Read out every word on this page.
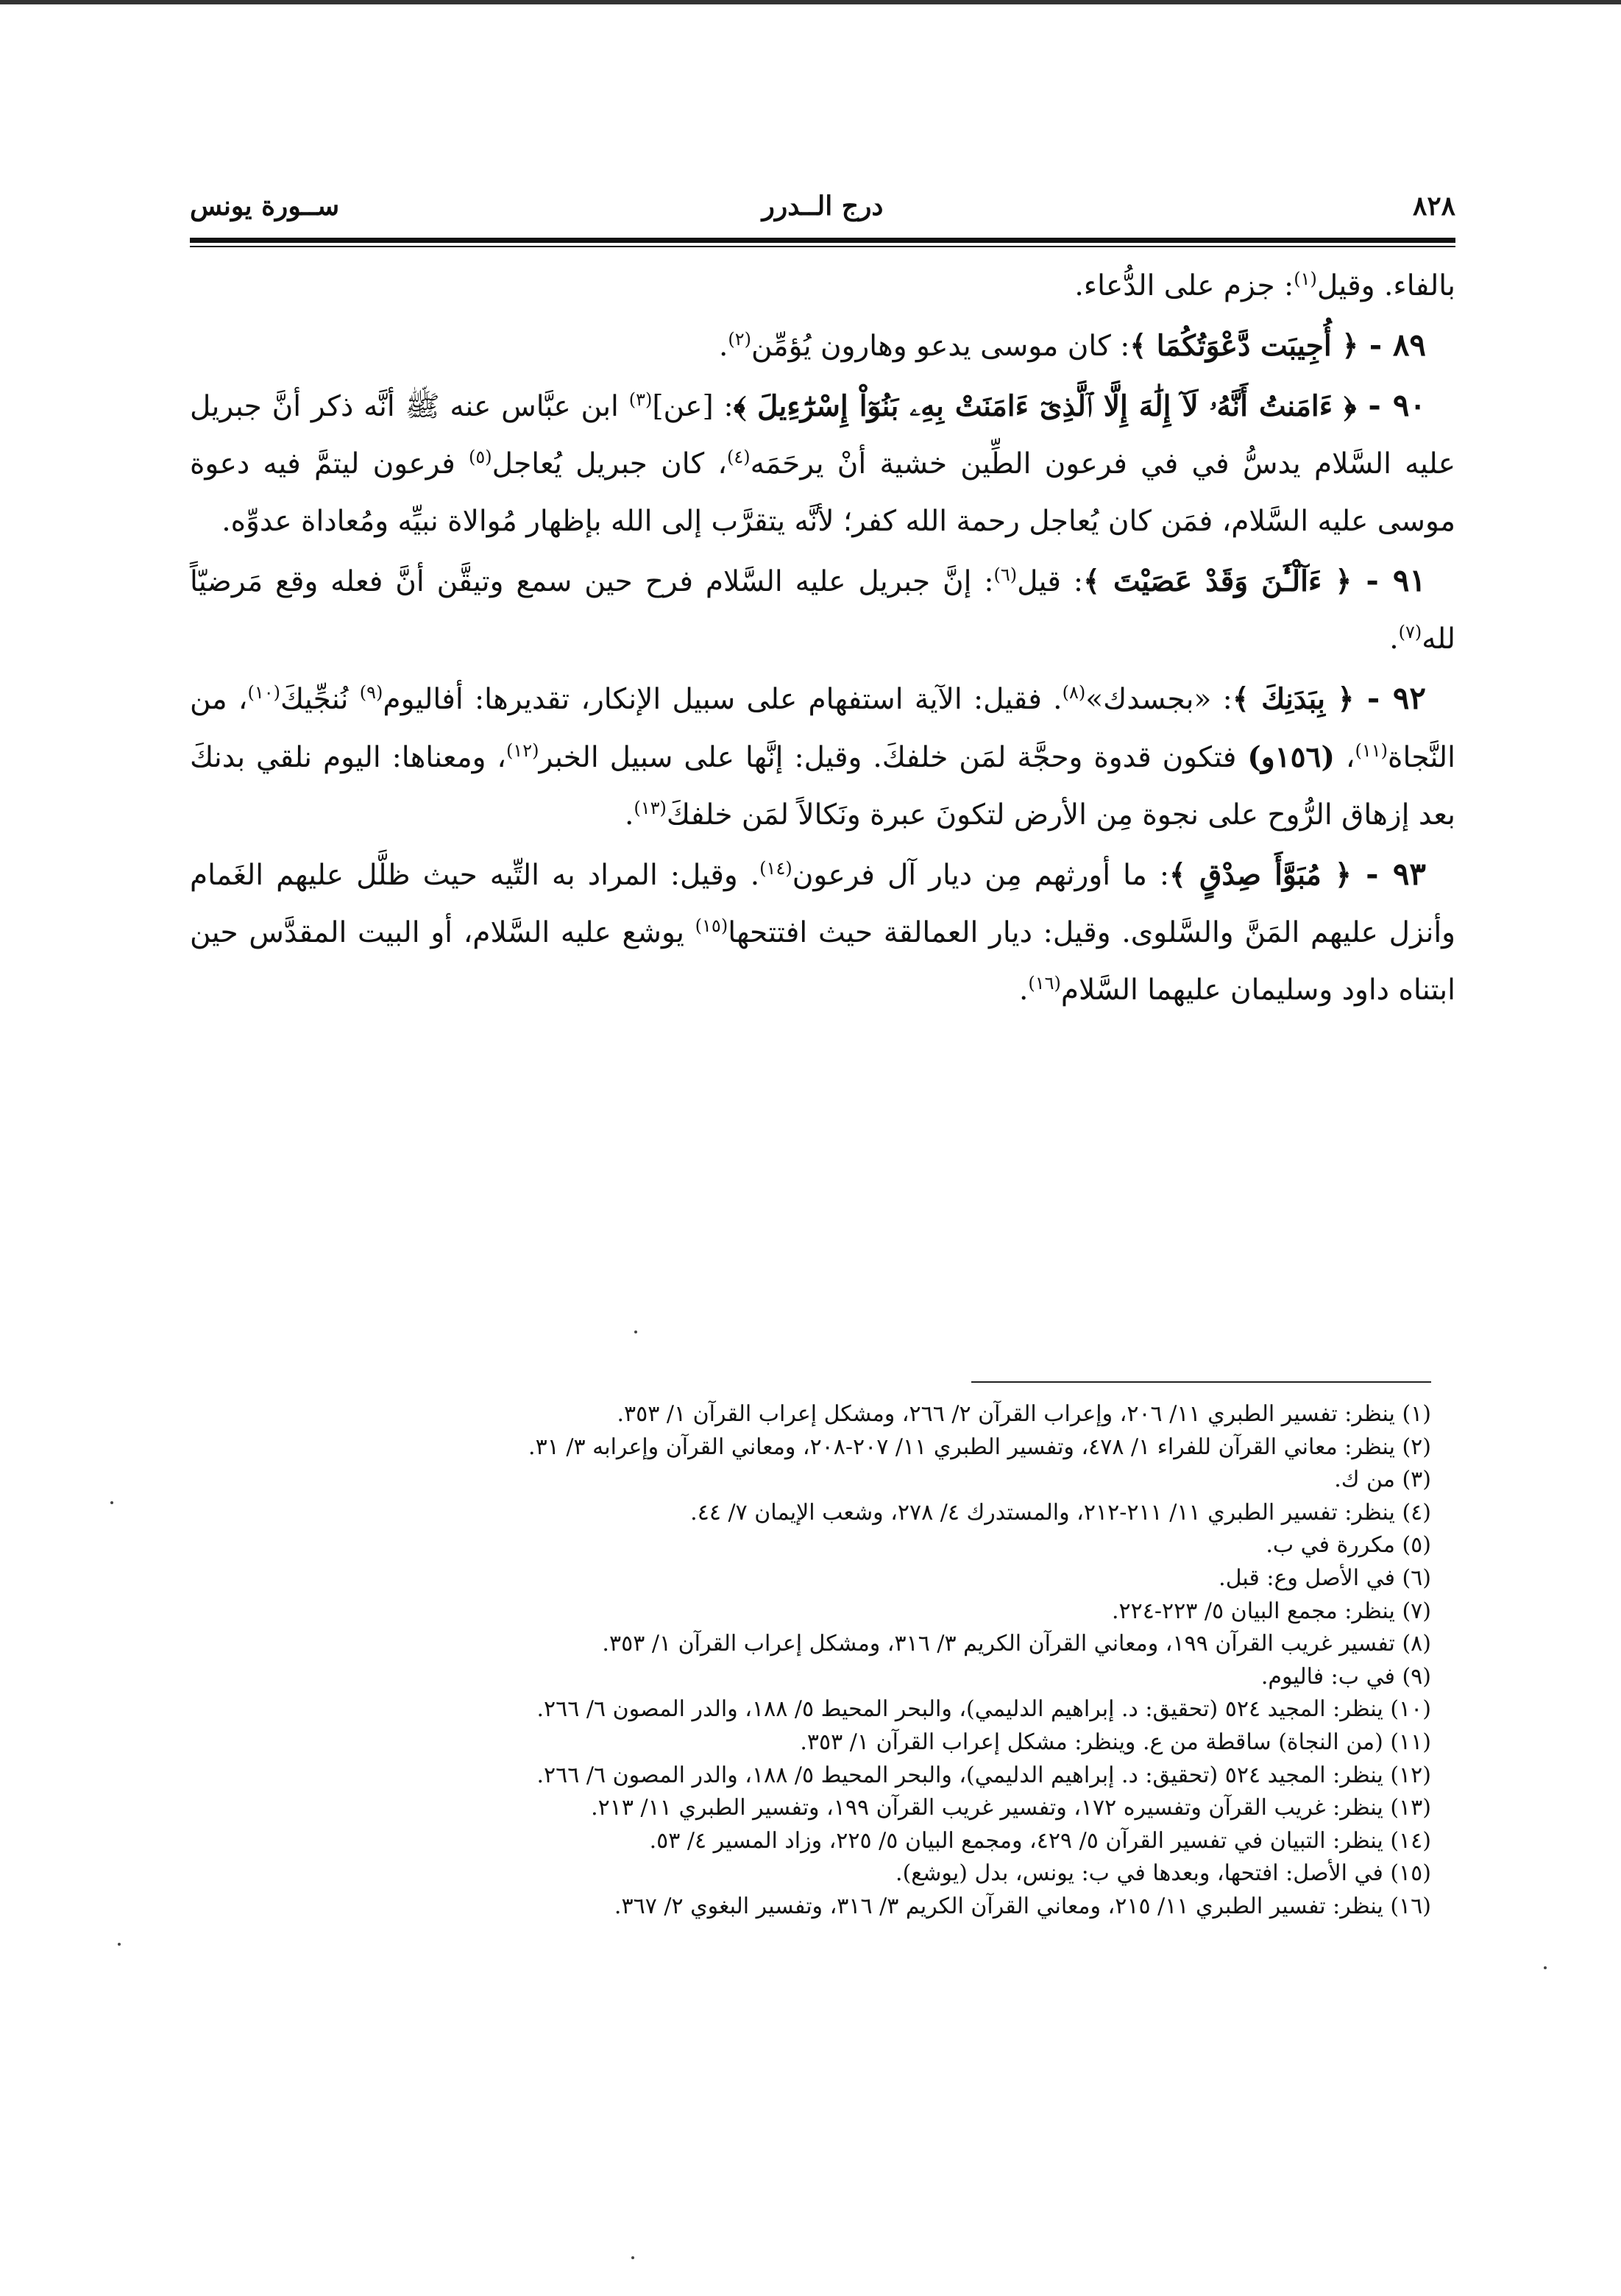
٨٢٨
درج الــدرر
ســورة يونس

بالفاء. وقيل$^{(١)}$: جزم على الدُّعاء.

٨٩ - ﴿ أُجِيبَت دَّعْوَتُكُمَا ﴾: كان موسى يدعو وهارون يُؤمِّن$^{(٢)}$.

٩٠ - ﴿ ءَامَنتُ أَنَّهُۥ لَآ إِلَٰهَ إِلَّا ٱلَّذِىٓ ءَامَنَتْ بِهِۦ بَنُوٓاْ إِسْرَٰٓءِيلَ ﴾: [عن]$^{(٣)}$ ابن عبَّاس عنه ﷺ أنَّه ذكر أنَّ جبريل عليه السَّلام يدسُّ في في فرعون الطِّين خشية أنْ يرحَمَه$^{(٤)}$، كان جبريل يُعاجل$^{(٥)}$ فرعون ليتمَّ فيه دعوة موسى عليه السَّلام، فمَن كان يُعاجل رحمة الله كفر؛ لأنَّه يتقرَّب إلى الله بإظهار مُوالاة نبيِّه ومُعاداة عدوِّه.

٩١ - ﴿ ءَآلْـَٰٔنَ وَقَدْ عَصَيْتَ ﴾: قيل$^{(٦)}$: إنَّ جبريل عليه السَّلام فرح حين سمع وتيقَّن أنَّ فعله وقع مَرضيّاً لله$^{(٧)}$.

٩٢ - ﴿ بِبَدَنِكَ ﴾: «بجسدك»$^{(٨)}$. فقيل: الآية استفهام على سبيل الإنكار، تقديرها: أفاليوم$^{(٩)}$ نُنجِّيكَ$^{(١٠)}$، من النَّجاة$^{(١١)}$، (١٥٦و) فتكون قدوة وحجَّة لمَن خلفكَ. وقيل: إنَّها على سبيل الخبر$^{(١٢)}$، ومعناها: اليوم نلقي بدنكَ بعد إزهاق الرُّوح على نجوة مِن الأرض لتكونَ عبرة ونَكالاً لمَن خلفكَ$^{(١٣)}$.

٩٣ - ﴿ مُبَوَّأَ صِدْقٍ ﴾: ما أورثهم مِن ديار آل فرعون$^{(١٤)}$. وقيل: المراد به التِّيه حيث ظلَّل عليهم الغَمام وأنزل عليهم المَنَّ والسَّلوى. وقيل: ديار العمالقة حيث افتتحها$^{(١٥)}$ يوشع عليه السَّلام، أو البيت المقدَّس حين ابتناه داود وسليمان عليهما السَّلام$^{(١٦)}$.

(١) ينظر: تفسير الطبري ١١/ ٢٠٦، وإعراب القرآن ٢/ ٢٦٦، ومشكل إعراب القرآن ١/ ٣٥٣.

(٢) ينظر: معاني القرآن للفراء ١/ ٤٧٨، وتفسير الطبري ١١/ ٢٠٧-٢٠٨، ومعاني القرآن وإعرابه ٣/ ٣١.

(٣) من ك.

(٤) ينظر: تفسير الطبري ١١/ ٢١١-٢١٢، والمستدرك ٤/ ٢٧٨، وشعب الإيمان ٧/ ٤٤.

(٥) مكررة في ب.

(٦) في الأصل وع: قبل.

(٧) ينظر: مجمع البيان ٥/ ٢٢٣-٢٢٤.

(٨) تفسير غريب القرآن ١٩٩، ومعاني القرآن الكريم ٣/ ٣١٦، ومشكل إعراب القرآن ١/ ٣٥٣.

(٩) في ب: فاليوم.

(١٠) ينظر: المجيد ٥٢٤ (تحقيق: د. إبراهيم الدليمي)، والبحر المحيط ٥/ ١٨٨، والدر المصون ٦/ ٢٦٦.

(١١) (من النجاة) ساقطة من ع. وينظر: مشكل إعراب القرآن ١/ ٣٥٣.

(١٢) ينظر: المجيد ٥٢٤ (تحقيق: د. إبراهيم الدليمي)، والبحر المحيط ٥/ ١٨٨، والدر المصون ٦/ ٢٦٦.

(١٣) ينظر: غريب القرآن وتفسيره ١٧٢، وتفسير غريب القرآن ١٩٩، وتفسير الطبري ١١/ ٢١٣.

(١٤) ينظر: التبيان في تفسير القرآن ٥/ ٤٢٩، ومجمع البيان ٥/ ٢٢٥، وزاد المسير ٤/ ٥٣.

(١٥) في الأصل: افتحها، وبعدها في ب: يونس، بدل (يوشع).

(١٦) ينظر: تفسير الطبري ١١/ ٢١٥، ومعاني القرآن الكريم ٣/ ٣١٦، وتفسير البغوي ٢/ ٣٦٧.
